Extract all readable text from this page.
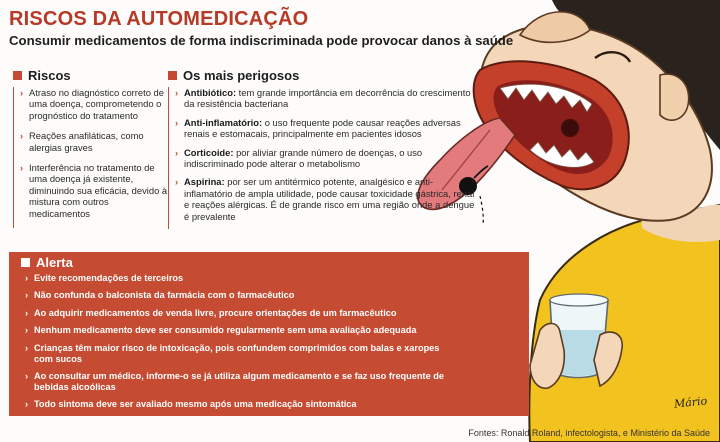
RISCOS DA AUTOMEDICAÇÃO
Consumir medicamentos de forma indiscriminada pode provocar danos à saúde
Riscos
› Atraso no diagnóstico correto de uma doença, comprometendo o prognóstico do tratamento
› Reações anafiláticas, como alergias graves
› Interferência no tratamento de uma doença já existente, diminuindo sua eficácia, devido à mistura com outros medicamentos
Os mais perigosos
› Antibiótico: tem grande importância em decorrência do crescimento da resistência bacteriana
› Anti-inflamatório: o uso frequente pode causar reações adversas renais e estomacais, principalmente em pacientes idosos
› Corticoide: por aliviar grande número de doenças, o uso indiscriminado pode alterar o metabolismo
› Aspirina: por ser um antitérmico potente, analgésico e anti-inflamatório de ampla utilidade, pode causar toxicidade gástrica, renal e reações alérgicas. É de grande risco em uma região onde a dengue é prevalente
Alerta
› Evite recomendações de terceiros
› Não confunda o balconista da farmácia com o farmacêutico
› Ao adquirir medicamentos de venda livre, procure orientações de um farmacêutico
› Nenhum medicamento deve ser consumido regularmente sem uma avaliação adequada
› Crianças têm maior risco de intoxicação, pois confundem comprimidos com balas e xaropes com sucos
› Ao consultar um médico, informe-o se já utiliza algum medicamento e se faz uso frequente de bebidas alcoólicas
› Todo sintoma deve ser avaliado mesmo após uma medicação sintomática	Mário
Fontes: Ronald Roland, infectologista, e Ministério da Saúde
